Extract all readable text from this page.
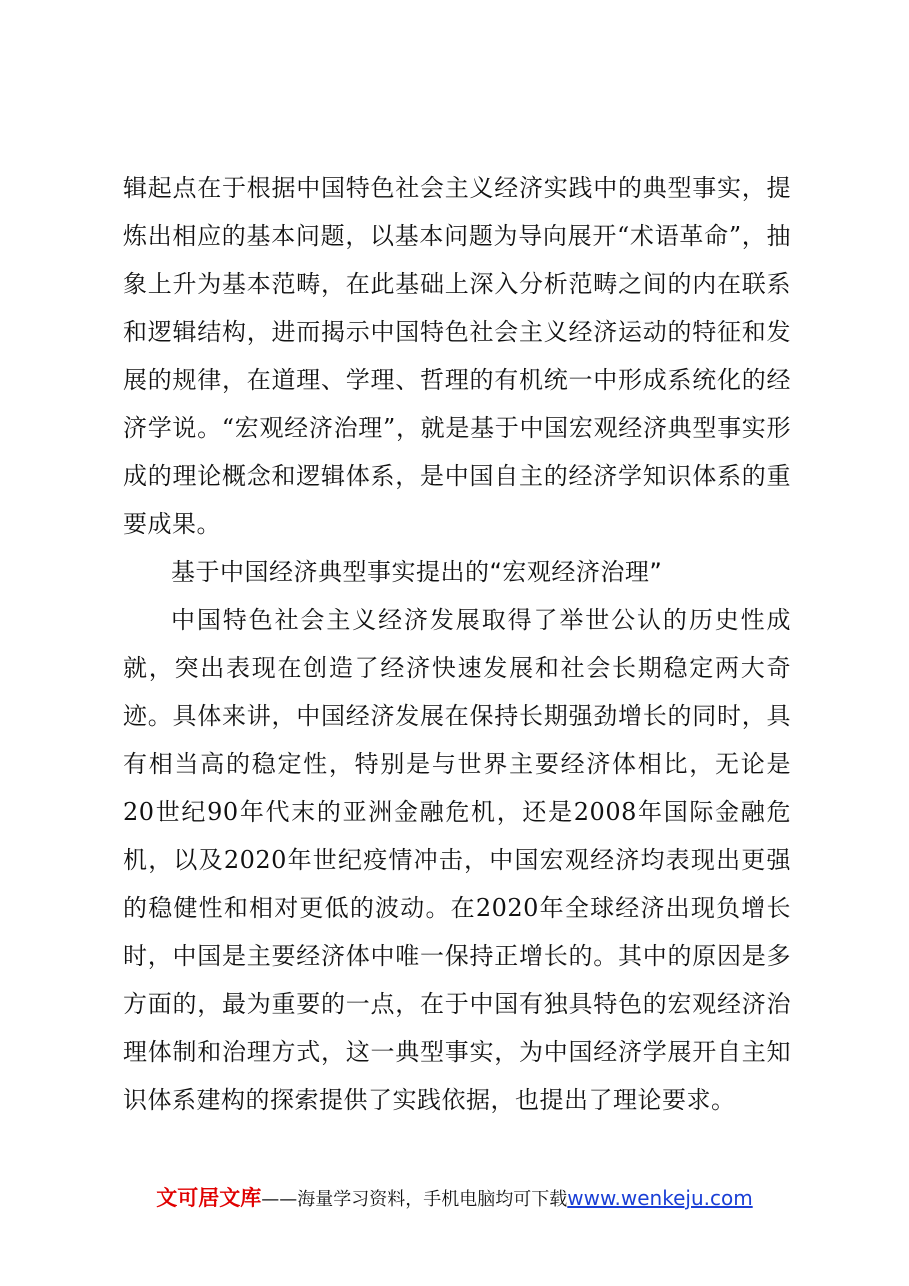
辑起点在于根据中国特色社会主义经济实践中的典型事实，提炼出相应的基本问题，以基本问题为导向展开“术语革命”，抽象上升为基本范畴，在此基础上深入分析范畴之间的内在联系和逻辑结构，进而揭示中国特色社会主义经济运动的特征和发展的规律，在道理、学理、哲理的有机统一中形成系统化的经济学说。“宏观经济治理”，就是基于中国宏观经济典型事实形成的理论概念和逻辑体系，是中国自主的经济学知识体系的重要成果。

基于中国经济典型事实提出的“宏观经济治理”

中国特色社会主义经济发展取得了举世公认的历史性成就，突出表现在创造了经济快速发展和社会长期稳定两大奇迹。具体来讲，中国经济发展在保持长期强劲增长的同时，具有相当高的稳定性，特别是与世界主要经济体相比，无论是20世纪90年代末的亚洲金融危机，还是2008年国际金融危机，以及2020年世纪疫情冲击，中国宏观经济均表现出更强的稳健性和相对更低的波动。在2020年全球经济出现负增长时，中国是主要经济体中唯一保持正增长的。其中的原因是多方面的，最为重要的一点，在于中国有独具特色的宏观经济治理体制和治理方式，这一典型事实，为中国经济学展开自主知识体系建构的探索提供了实践依据，也提出了理论要求。

文可居文库——海量学习资料，手机电脑均可下载www.wenkeju.com
